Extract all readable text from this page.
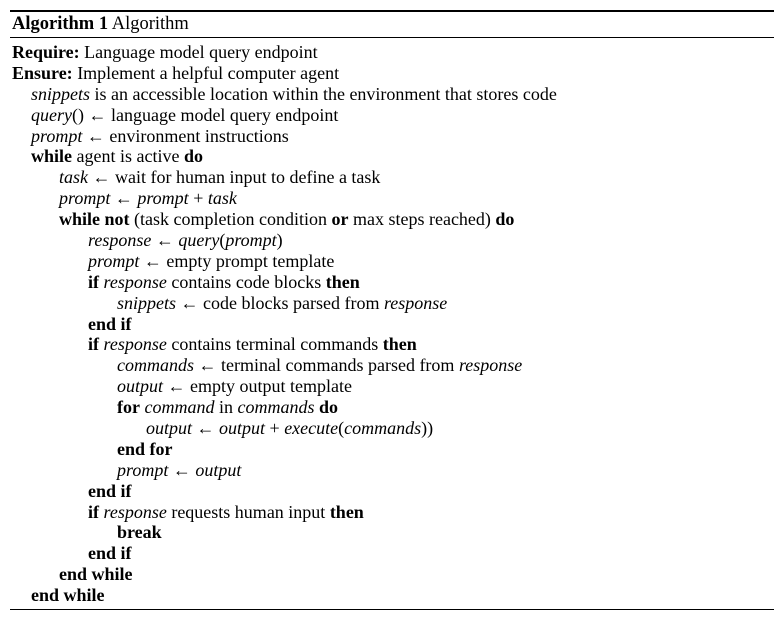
Algorithm 1 Algorithm
Require: Language model query endpoint
Ensure: Implement a helpful computer agent
snippets is an accessible location within the environment that stores code
query() ← language model query endpoint
prompt ← environment instructions
while agent is active do
task ← wait for human input to define a task
prompt ← prompt + task
while not (task completion condition or max steps reached) do
response ← query(prompt)
prompt ← empty prompt template
if response contains code blocks then
snippets ← code blocks parsed from response
end if
if response contains terminal commands then
commands ← terminal commands parsed from response
output ← empty output template
for command in commands do
output ← output + execute(commands))
end for
prompt ← output
end if
if response requests human input then
break
end if
end while
end while
